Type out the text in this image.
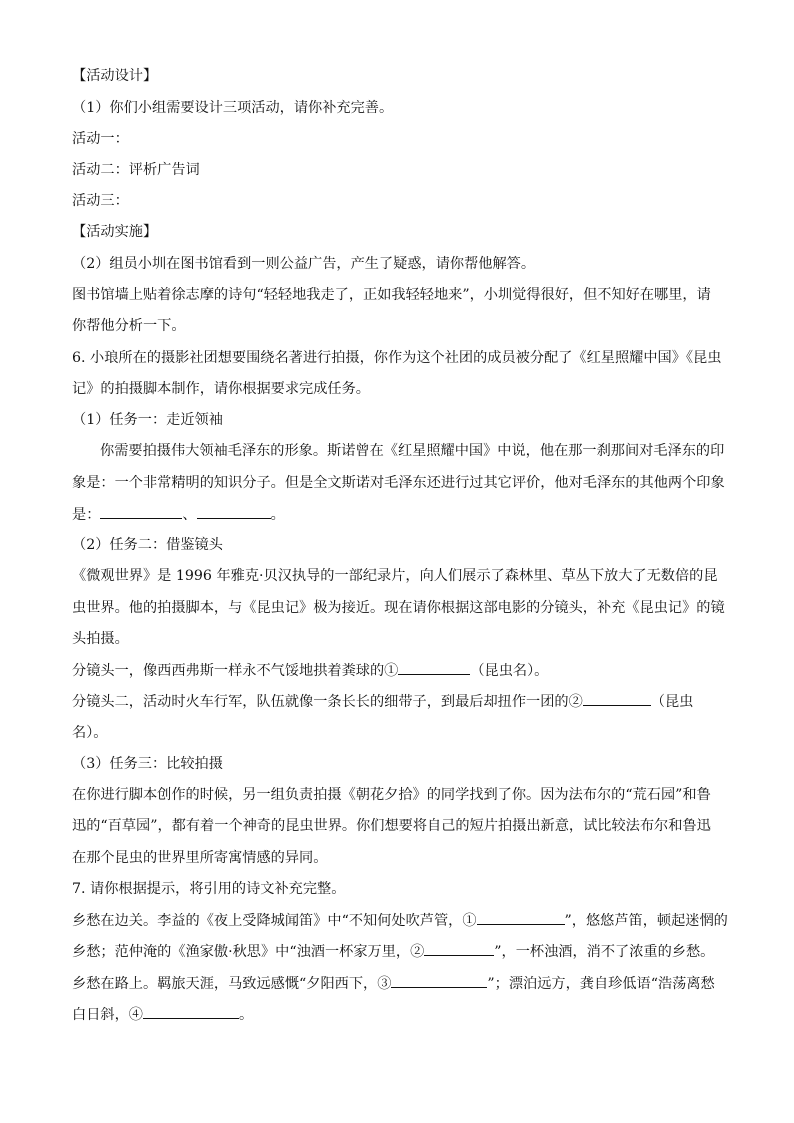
【活动设计】
（1）你们小组需要设计三项活动，请你补充完善。
活动一：
活动二：评析广告词
活动三：
【活动实施】
（2）组员小圳在图书馆看到一则公益广告，产生了疑惑，请你帮他解答。
图书馆墙上贴着徐志摩的诗句“轻轻地我走了，正如我轻轻地来”，小圳觉得很好，但不知好在哪里，请
你帮他分析一下。
6. 小琅所在的摄影社团想要围绕名著进行拍摄，你作为这个社团的成员被分配了《红星照耀中国》《昆虫
记》的拍摄脚本制作，请你根据要求完成任务。
（1）任务一：走近领袖
你需要拍摄伟大领袖毛泽东的形象。斯诺曾在《红星照耀中国》中说，他在那一刹那间对毛泽东的印
象是：一个非常精明的知识分子。但是全文斯诺对毛泽东还进行过其它评价，他对毛泽东的其他两个印象
是：	、	。
（2）任务二：借鉴镜头
《微观世界》是 1996 年雅克·贝汉执导的一部纪录片，向人们展示了森林里、草丛下放大了无数倍的昆
虫世界。他的拍摄脚本，与《昆虫记》极为接近。现在请你根据这部电影的分镜头，补充《昆虫记》的镜
头拍摄。
分镜头一，像西西弗斯一样永不气馁地拱着粪球的①	（昆虫名）。
分镜头二，活动时火车行军，队伍就像一条长长的细带子，到最后却扭作一团的②	（昆虫
名）。
（3）任务三：比较拍摄
在你进行脚本创作的时候，另一组负责拍摄《朝花夕拾》的同学找到了你。因为法布尔的“荒石园”和鲁
迅的“百草园”，都有着一个神奇的昆虫世界。你们想要将自己的短片拍摄出新意，试比较法布尔和鲁迅
在那个昆虫的世界里所寄寓情感的异同。
7. 请你根据提示，将引用的诗文补充完整。
乡愁在边关。李益的《夜上受降城闻笛》中“不知何处吹芦管，①	”，悠悠芦笛，顿起迷惘的
乡愁；范仲淹的《渔家傲·秋思》中“浊酒一杯家万里，②	”，一杯浊酒，消不了浓重的乡愁。
乡愁在路上。羁旅天涯，马致远感慨“夕阳西下，③	”；漂泊远方，龚自珍低语“浩荡离愁
白日斜，④	。
